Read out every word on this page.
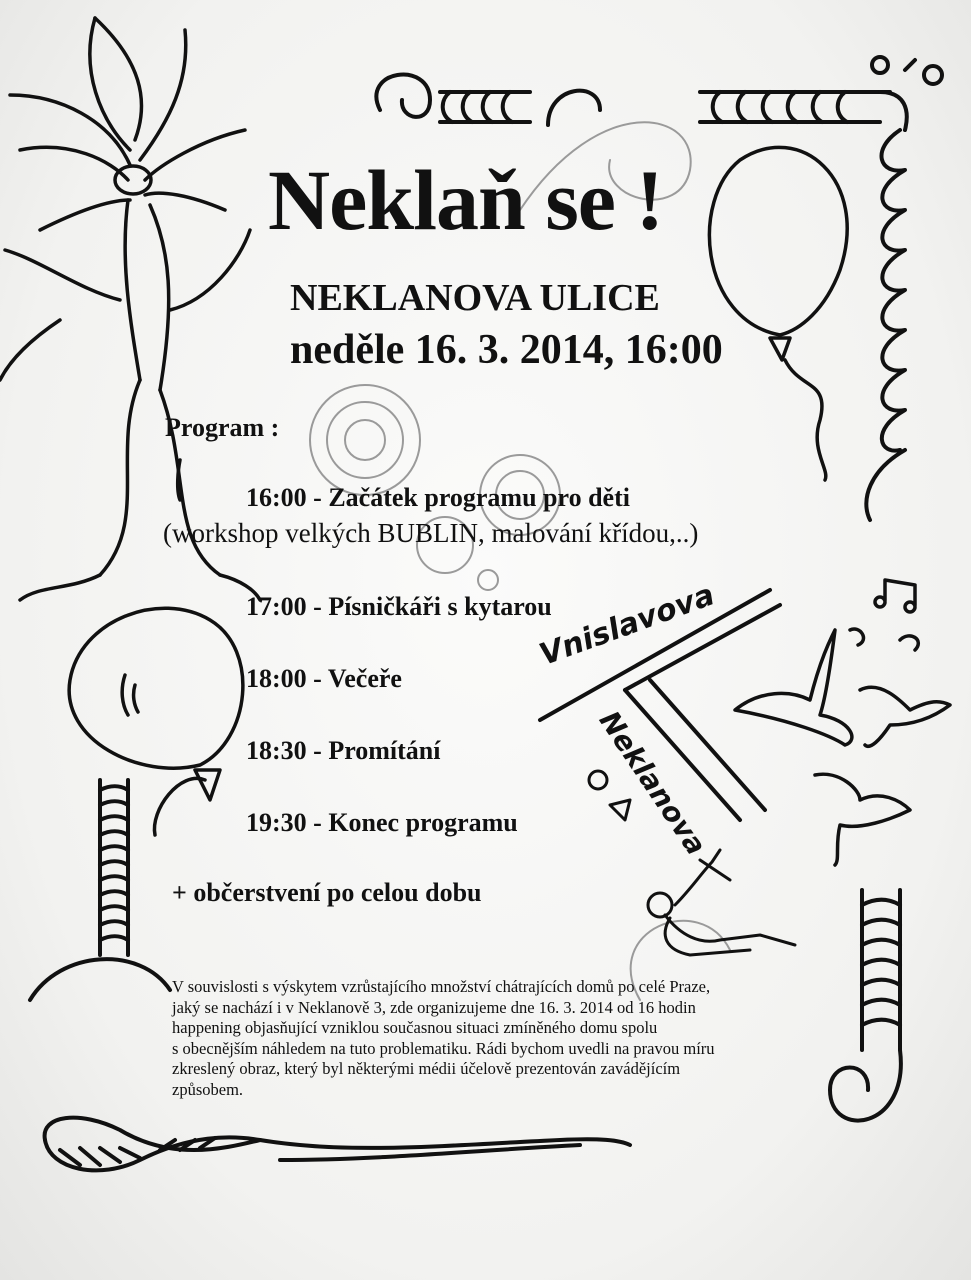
Neklaň se !
NEKLANOVA ULICE
neděle 16. 3. 2014, 16:00
Program :
16:00 - Začátek programu pro děti
(workshop velkých BUBLIN, malování křídou,..)
17:00 - Písničkáři s kytarou
18:00 - Večeře
18:30 - Promítání
19:30 - Konec programu
+ občerstvení po celou dobu
Vnislavova
Neklanova
V souvislosti s výskytem vzrůstajícího množství chátrajících domů po celé Praze,
jaký se nachází i v Neklanově 3, zde organizujeme dne 16. 3. 2014 od 16 hodin
happening objasňující vzniklou současnou situaci zmíněného domu spolu
s obecnějším náhledem na tuto problematiku. Rádi bychom uvedli na pravou míru
zkreslený obraz, který byl některými médii účelově prezentován zavádějícím
způsobem.
